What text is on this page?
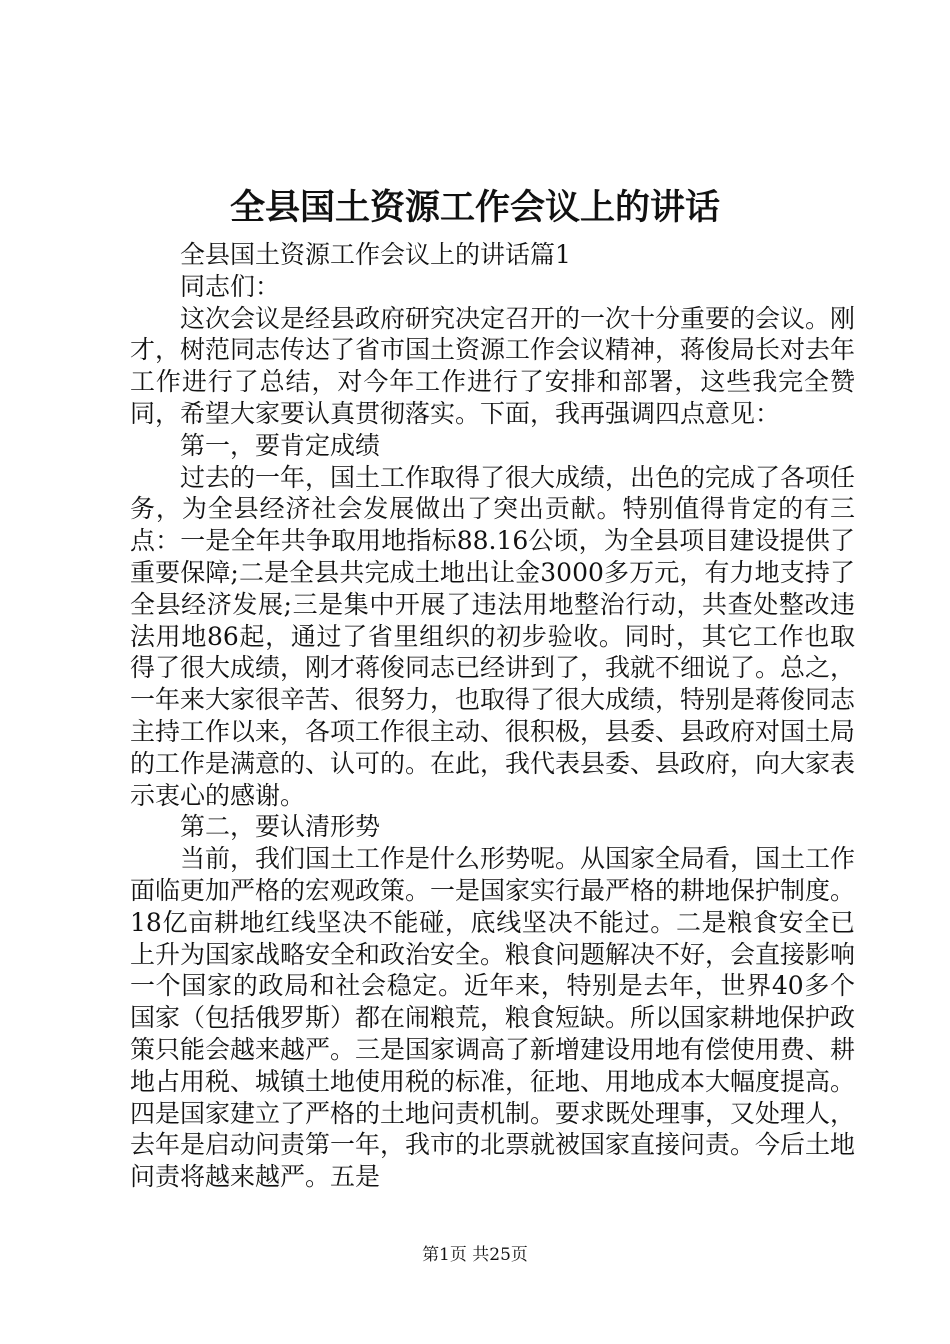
全县国土资源工作会议上的讲话

全县国土资源工作会议上的讲话篇1

同志们：

这次会议是经县政府研究决定召开的一次十分重要的会议。刚才，树范同志传达了省市国土资源工作会议精神，蒋俊局长对去年工作进行了总结，对今年工作进行了安排和部署，这些我完全赞同，希望大家要认真贯彻落实。下面，我再强调四点意见：

第一，要肯定成绩

过去的一年，国土工作取得了很大成绩，出色的完成了各项任务，为全县经济社会发展做出了突出贡献。特别值得肯定的有三点：一是全年共争取用地指标88.16公顷，为全县项目建设提供了重要保障;二是全县共完成土地出让金3000多万元，有力地支持了全县经济发展;三是集中开展了违法用地整治行动，共查处整改违法用地86起，通过了省里组织的初步验收。同时，其它工作也取得了很大成绩，刚才蒋俊同志已经讲到了，我就不细说了。总之，一年来大家很辛苦、很努力，也取得了很大成绩，特别是蒋俊同志主持工作以来，各项工作很主动、很积极，县委、县政府对国土局的工作是满意的、认可的。在此，我代表县委、县政府，向大家表示衷心的感谢。

第二，要认清形势

当前，我们国土工作是什么形势呢。从国家全局看，国土工作面临更加严格的宏观政策。一是国家实行最严格的耕地保护制度。18亿亩耕地红线坚决不能碰，底线坚决不能过。二是粮食安全已上升为国家战略安全和政治安全。粮食问题解决不好，会直接影响一个国家的政局和社会稳定。近年来，特别是去年，世界40多个国家（包括俄罗斯）都在闹粮荒，粮食短缺。所以国家耕地保护政策只能会越来越严。三是国家调高了新增建设用地有偿使用费、耕地占用税、城镇土地使用税的标准，征地、用地成本大幅度提高。四是国家建立了严格的土地问责机制。要求既处理事，又处理人，去年是启动问责第一年，我市的北票就被国家直接问责。今后土地问责将越来越严。五是

第1页 共25页
